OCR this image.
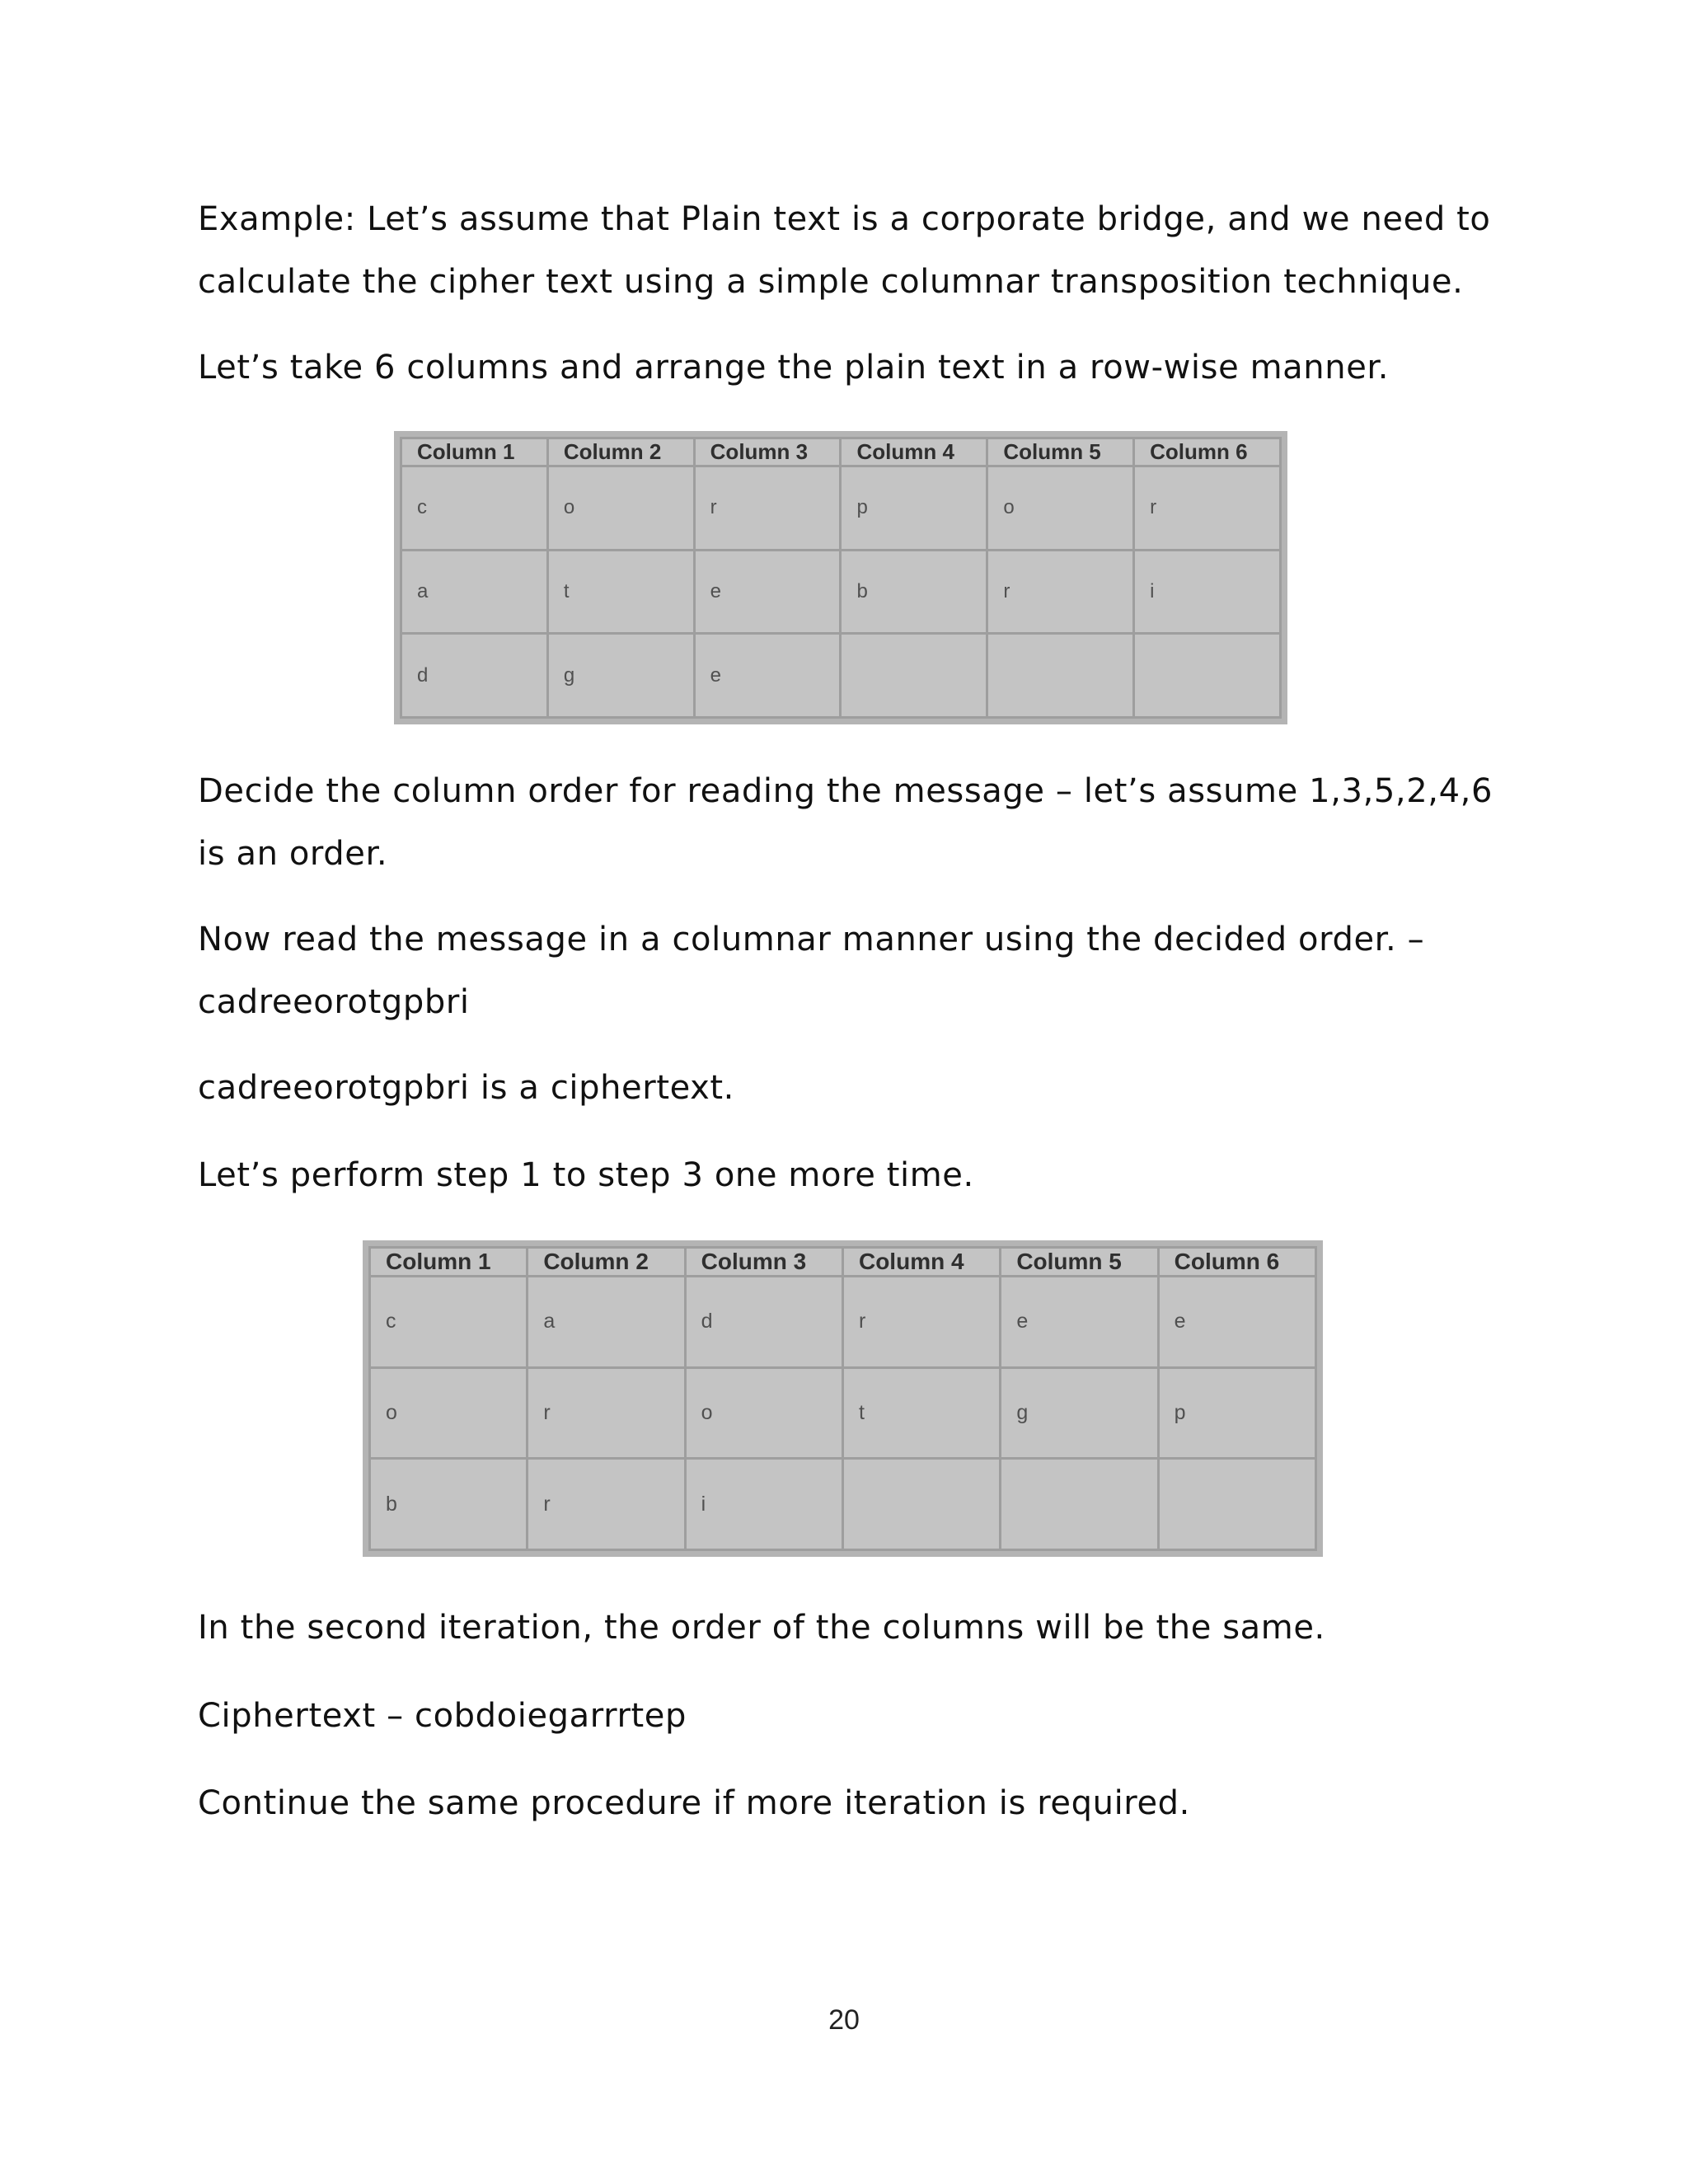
Example: Let’s assume that Plain text is a corporate bridge, and we need to
calculate the cipher text using a simple columnar transposition technique.

Let’s take 6 columns and arrange the plain text in a row-wise manner.

Column 1	Column 2	Column 3	Column 4	Column 5	Column 6
c	o	r	p	o	r
a	t	e	b	r	i
d	g	e			

Decide the column order for reading the message – let’s assume 1,3,5,2,4,6
is an order.

Now read the message in a columnar manner using the decided order. –
cadreeorotgpbri

cadreeorotgpbri is a ciphertext.

Let’s perform step 1 to step 3 one more time.

Column 1	Column 2	Column 3	Column 4	Column 5	Column 6
c	a	d	r	e	e
o	r	o	t	g	p
b	r	i			

In the second iteration, the order of the columns will be the same.

Ciphertext – cobdoiegarrrtep

Continue the same procedure if more iteration is required.

20
